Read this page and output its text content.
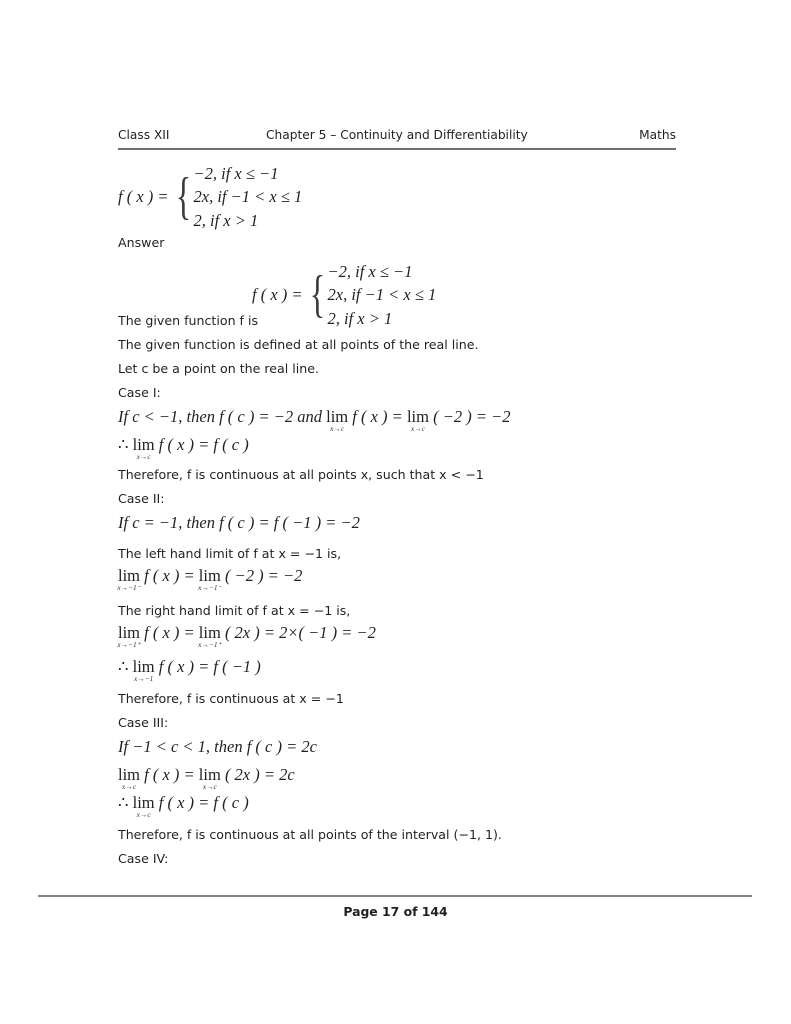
Class XII	Chapter 5 – Continuity and Differentiability	Maths
f ( x ) = { −2, if x ≤ −1
2x, if −1 < x ≤ 1
2, if x > 1
Answer
f ( x ) = { −2, if x ≤ −1
2x, if −1 < x ≤ 1
2, if x > 1
The given function f is
The given function is defined at all points of the real line.
Let c be a point on the real line.
Case I:
If c < −1, then f ( c ) = −2 and lim
x→c
f ( x ) = lim
x→c
( −2 ) = −2
∴ lim
x→c
f ( x ) = f ( c )
Therefore, f is continuous at all points x, such that x < −1
Case II:
If c = −1, then f ( c ) = f ( −1 ) = −2
The left hand limit of f at x = −1 is,
lim
x→−1⁻
f ( x ) = lim
x→−1⁻
( −2 ) = −2
The right hand limit of f at x = −1 is,
lim
x→−1⁺
f ( x ) = lim
x→−1⁺
( 2x ) = 2×( −1 ) = −2
∴ lim
x→−1
f ( x ) = f ( −1 )
Therefore, f is continuous at x = −1
Case III:
If −1 < c < 1, then f ( c ) = 2c
lim
x→c
f ( x ) = lim
x→c
( 2x ) = 2c
∴ lim
x→c
f ( x ) = f ( c )
Therefore, f is continuous at all points of the interval (−1, 1).
Case IV:
Page 17 of 144
